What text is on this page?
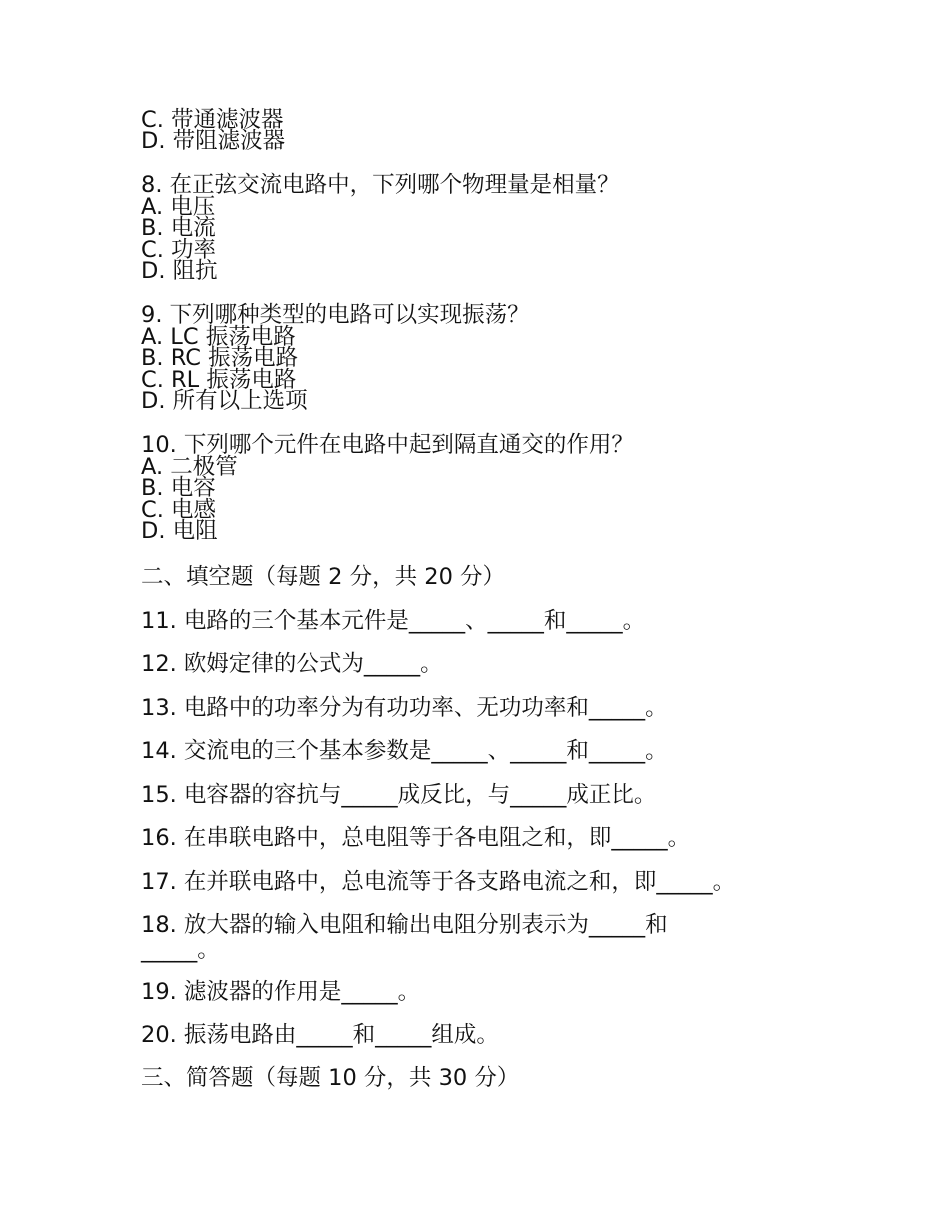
C. 带通滤波器
D. 带阻滤波器
8. 在正弦交流电路中，下列哪个物理量是相量？
A. 电压
B. 电流
C. 功率
D. 阻抗
9. 下列哪种类型的电路可以实现振荡？
A. LC 振荡电路
B. RC 振荡电路
C. RL 振荡电路
D. 所有以上选项
10. 下列哪个元件在电路中起到隔直通交的作用？
A. 二极管
B. 电容
C. 电感
D. 电阻
二、填空题（每题 2 分，共 20 分）
11. 电路的三个基本元件是_____、_____和_____。
12. 欧姆定律的公式为_____。
13. 电路中的功率分为有功功率、无功功率和_____。
14. 交流电的三个基本参数是_____、_____和_____。
15. 电容器的容抗与_____成反比，与_____成正比。
16. 在串联电路中，总电阻等于各电阻之和，即_____。
17. 在并联电路中，总电流等于各支路电流之和，即_____。
18. 放大器的输入电阻和输出电阻分别表示为_____和
_____。
19. 滤波器的作用是_____。
20. 振荡电路由_____和_____组成。
三、简答题（每题 10 分，共 30 分）
